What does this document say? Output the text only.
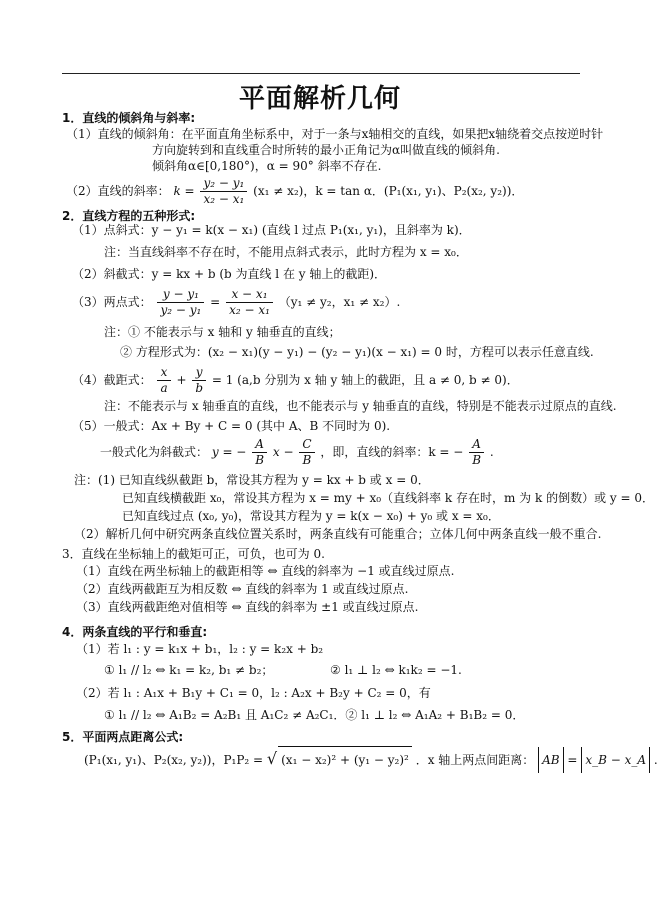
平面解析几何
1．直线的倾斜角与斜率:
（1）直线的倾斜角：在平面直角坐标系中，对于一条与x轴相交的直线，如果把x轴绕着交点按逆时针
方向旋转到和直线重合时所转的最小正角记为α叫做直线的倾斜角.
倾斜角α∈[0,180°)，α = 90° 斜率不存在.
（2）直线的斜率： $k = \frac{\text{y₂ − y₁}}{\text{x₂ − x₁}} (x_1 \ne x_2)$，k = tan α．(P₁(x₁, y₁)、P₂(x₂, y₂))．
2．直线方程的五种形式:
（1）点斜式：y − y₁ = k(x − x₁) (直线 l 过点 P₁(x₁, y₁)，且斜率为 k)．
注：当直线斜率不存在时，不能用点斜式表示，此时方程为 x = x₀．
（2）斜截式：y = kx + b (b 为直线 l 在 y 轴上的截距)．
（3）两点式： $\frac{\text{y − y₁}}{\text{y₂ − y₁}} = \frac{\text{x − x₁}}{\text{x₂ − x₁}} (y_1 \ne y_2$，x₁ ≠ x₂）.
注：① 不能表示与 x 轴和 y 轴垂直的直线；
② 方程形式为：(x₂ − x₁)(y − y₁) − (y₂ − y₁)(x − x₁) = 0 时，方程可以表示任意直线.
（4）截距式： $\frac{x}{a} + \frac{y}{b} = 1$ (a,b 分别为 x 轴 y 轴上的截距，且 a ≠ 0, b ≠ 0)．
注：不能表示与 x 轴垂直的直线，也不能表示与 y 轴垂直的直线，特别是不能表示过原点的直线.
（5）一般式：Ax + By + C = 0 (其中 A、B 不同时为 0).
一般式化为斜截式： y = − $\frac{A}{B}$ $x - \frac{C}{B}$ ，即，直线的斜率：k = − $\frac{A}{B}$ .
注：(1) 已知直线纵截距 b，常设其方程为 y = kx + b 或 x = 0．
已知直线横截距 x₀，常设其方程为 x = my + x₀（直线斜率 k 存在时，m 为 k 的倒数）或 y = 0．
已知直线过点 (x₀, y₀)，常设其方程为 y = k(x − x₀) + y₀ 或 x = x₀．
（2）解析几何中研究两条直线位置关系时，两条直线有可能重合；立体几何中两条直线一般不重合.
3．直线在坐标轴上的截矩可正，可负，也可为 0.
（1）直线在两坐标轴上的截距相等 ⇔ 直线的斜率为 −1 或直线过原点.
（2）直线两截距互为相反数 ⇔ 直线的斜率为 1 或直线过原点.
（3）直线两截距绝对值相等 ⇔ 直线的斜率为 ±1 或直线过原点.
4．两条直线的平行和垂直:
（1）若 l₁ : y = k₁x + b₁，l₂ : y = k₂x + b₂
① l₁ // l₂ ⇔ k₁ = k₂, b₁ ≠ b₂；	② l₁ ⊥ l₂ ⇔ k₁k₂ = −1.
（2）若 l₁ : A₁x + B₁y + C₁ = 0，l₂ : A₂x + B₂y + C₂ = 0，有
① l₁ // l₂ ⇔ A₁B₂ = A₂B₁ 且 A₁C₂ ≠ A₂C₁．② l₁ ⊥ l₂ ⇔ A₁A₂ + B₁B₂ = 0．
5．平面两点距离公式:
(P₁(x₁, y₁)、P₂(x₂, y₂))，P₁P₂ = √ (x₁ − x₂)² + (y₁ − y₂)² ．x 轴上两点间距离： AB = x_B − x_A .
